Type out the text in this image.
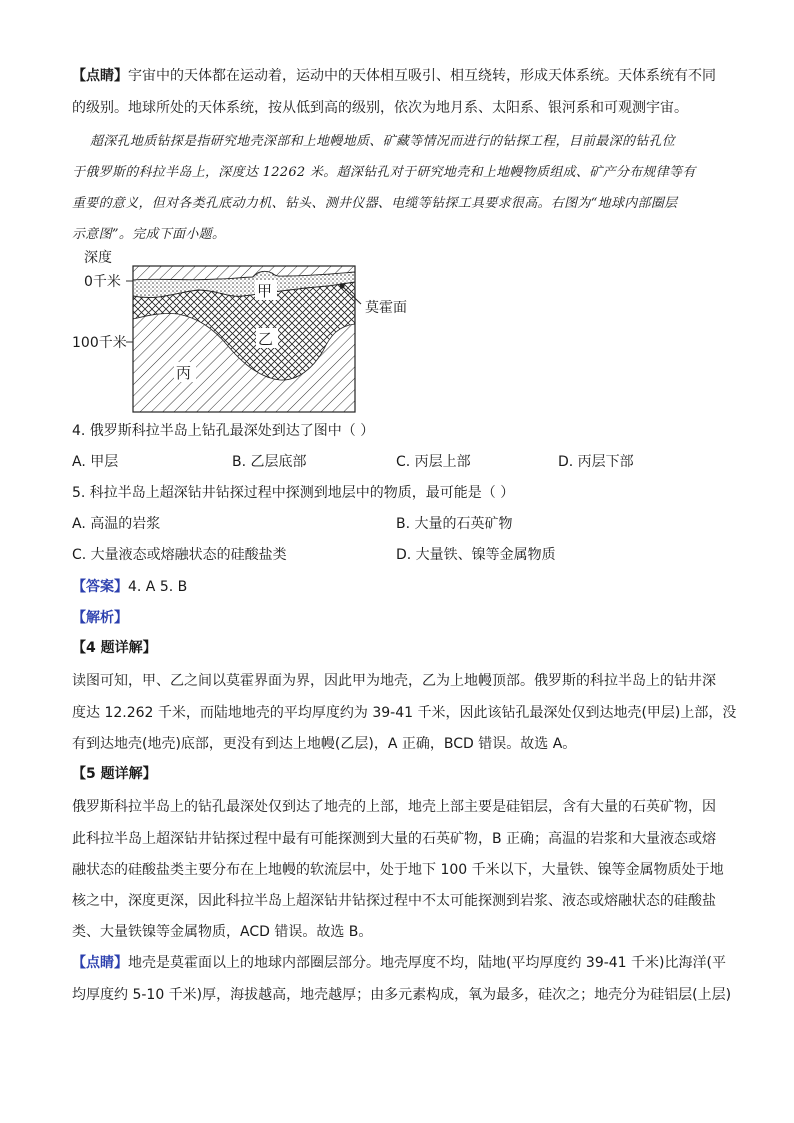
【点睛】宇宙中的天体都在运动着，运动中的天体相互吸引、相互绕转，形成天体系统。天体系统有不同
的级别。地球所处的天体系统，按从低到高的级别，依次为地月系、太阳系、银河系和可观测宇宙。
超深孔地质钻探是指研究地壳深部和上地幔地质、矿藏等情况而进行的钻探工程，目前最深的钻孔位
于俄罗斯的科拉半岛上，深度达 12262 米。超深钻孔对于研究地壳和上地幔物质组成、矿产分布规律等有
重要的意义，但对各类孔底动力机、钻头、测井仪器、电缆等钻探工具要求很高。右图为“地球内部圈层
示意图”。完成下面小题。
深度
0千米
100千米
莫霍面
甲
乙
丙
4. 俄罗斯科拉半岛上钻孔最深处到达了图中（ ）
A. 甲层	B. 乙层底部	C. 丙层上部	D. 丙层下部
5. 科拉半岛上超深钻井钻探过程中探测到地层中的物质，最可能是（ ）
A. 高温的岩浆	B. 大量的石英矿物
C. 大量液态或熔融状态的硅酸盐类	D. 大量铁、镍等金属物质
【答案】4. A 5. B
【解析】
【4 题详解】
读图可知，甲、乙之间以莫霍界面为界，因此甲为地壳，乙为上地幔顶部。俄罗斯的科拉半岛上的钻井深
度达 12.262 千米，而陆地地壳的平均厚度约为 39-41 千米，因此该钻孔最深处仅到达地壳(甲层)上部，没
有到达地壳(地壳)底部，更没有到达上地幔(乙层)，A 正确，BCD 错误。故选 A。
【5 题详解】
俄罗斯科拉半岛上的钻孔最深处仅到达了地壳的上部，地壳上部主要是硅铝层，含有大量的石英矿物，因
此科拉半岛上超深钻井钻探过程中最有可能探测到大量的石英矿物，B 正确；高温的岩浆和大量液态或熔
融状态的硅酸盐类主要分布在上地幔的软流层中，处于地下 100 千米以下，大量铁、镍等金属物质处于地
核之中，深度更深，因此科拉半岛上超深钻井钻探过程中不太可能探测到岩浆、液态或熔融状态的硅酸盐
类、大量铁镍等金属物质，ACD 错误。故选 B。
【点睛】地壳是莫霍面以上的地球内部圈层部分。地壳厚度不均，陆地(平均厚度约 39-41 千米)比海洋(平
均厚度约 5-10 千米)厚，海拔越高，地壳越厚；由多元素构成，氧为最多，硅次之；地壳分为硅铝层(上层)
